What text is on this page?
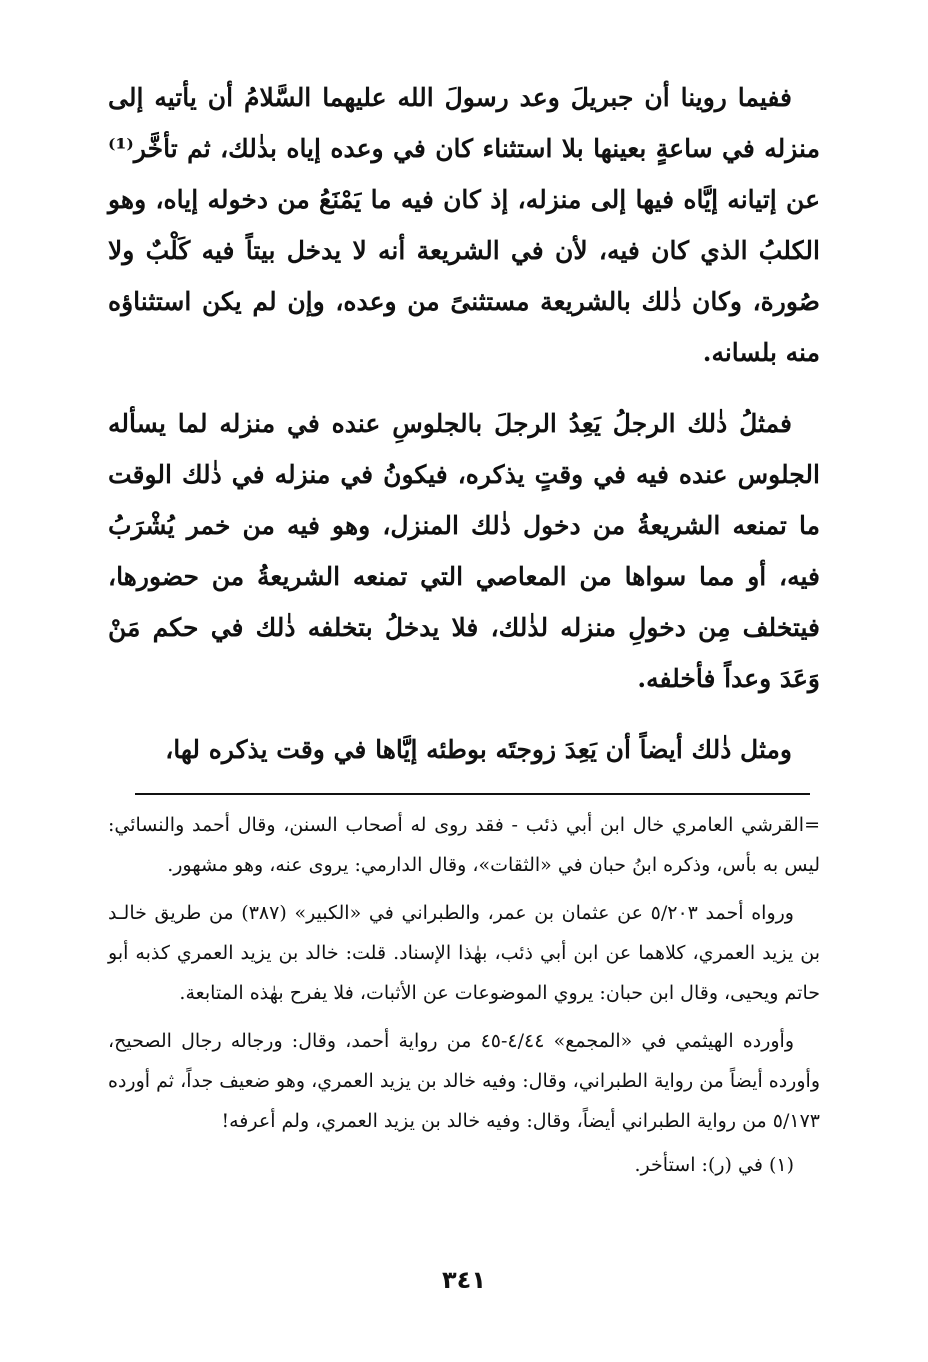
ففيما روينا أن جبريلَ وعد رسولَ الله عليهما السَّلامُ أن يأتيه إلى منزله في ساعةٍ بعينها بلا استثناء كان في وعده إياه بذٰلك، ثم تأخَّر⁽¹⁾ عن إتيانه إيَّاه فيها إلى منزله، إذ كان فيه ما يَمْنَعُ من دخوله إياه، وهو الكلبُ الذي كان فيه، لأن في الشريعة أنه لا يدخل بيتاً فيه كَلْبٌ ولا صُورة، وكان ذٰلك بالشريعة مستثنىً من وعده، وإن لم يكن استثناؤه منه بلسانه.

فمثلُ ذٰلك الرجلُ يَعِدُ الرجلَ بالجلوسِ عنده في منزله لما يسأله الجلوس عنده فيه في وقتٍ يذكره، فيكونُ في منزله في ذٰلك الوقت ما تمنعه الشريعةُ من دخول ذٰلك المنزل، وهو فيه من خمر يُشْرَبُ فيه، أو مما سواها من المعاصي التي تمنعه الشريعةُ من حضورها، فيتخلف مِن دخولِ منزله لذٰلك، فلا يدخلُ بتخلفه ذٰلك في حكم مَنْ وَعَدَ وعداً فأخلفه.

ومثل ذٰلك أيضاً أن يَعِدَ زوجتَه بوطئه إيَّاها في وقت يذكره لها،

=القرشي العامري خال ابن أبي ذئب - فقد روى له أصحاب السنن، وقال أحمد والنسائي: ليس به بأس، وذكره ابنُ حبان في «الثقات»، وقال الدارمي: يروى عنه، وهو مشهور.

ورواه أحمد ٥/٢٠٣ عن عثمان بن عمر، والطبراني في «الكبير» (٣٨٧) من طريق خالـد بن يزيد العمري، كلاهما عن ابن أبي ذئب، بهٰذا الإسناد. قلت: خالد بن يزيد العمري كذبه أبو حاتم ويحيى، وقال ابن حبان: يروي الموضوعات عن الأثبات، فلا يفرح بهٰذه المتابعة.

وأورده الهيثمي في «المجمع» ٤/٤٤-٤٥ من رواية أحمد، وقال: ورجاله رجال الصحيح، وأورده أيضاً من رواية الطبراني، وقال: وفيه خالد بن يزيد العمري، وهو ضعيف جداً، ثم أورده ٥/١٧٣ من رواية الطبراني أيضاً، وقال: وفيه خالد بن يزيد العمري، ولم أعرفه!

(١) في (ر): استأخر.

٣٤١
